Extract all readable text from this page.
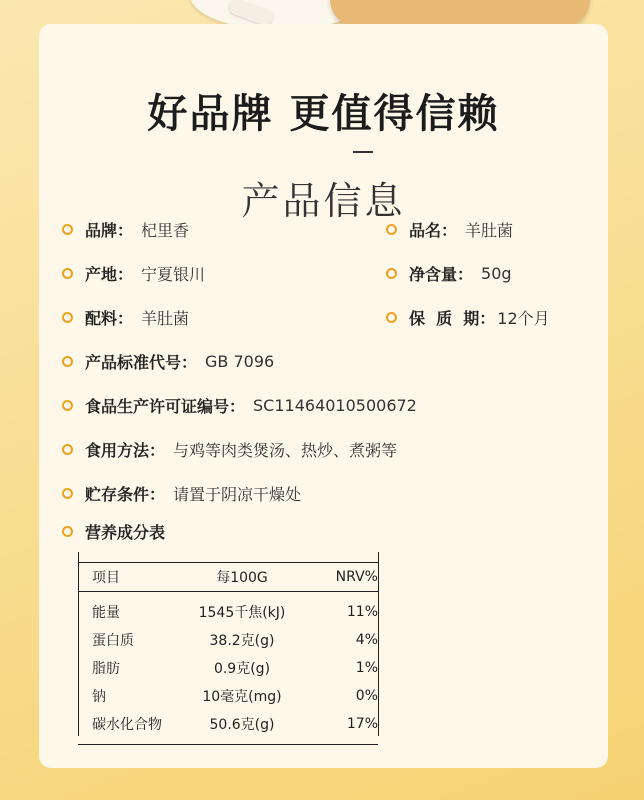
好品牌 更值得信赖
产品信息
品牌： 杞里香	品名： 羊肚菌
产地： 宁夏银川	净含量： 50g
配料： 羊肚菌	保  质  期： 12个月
产品标准代号： GB 7096
食品生产许可证编号： SC11464010500672
食用方法： 与鸡等肉类煲汤、热炒、煮粥等
贮存条件： 请置于阴凉干燥处
营养成分表
项目	每100G	NRV%
能量	1545千焦(kJ)	11%
蛋白质	38.2克(g)	4%
脂肪	0.9克(g)	1%
钠	10毫克(mg)	0%
碳水化合物	50.6克(g)	17%
